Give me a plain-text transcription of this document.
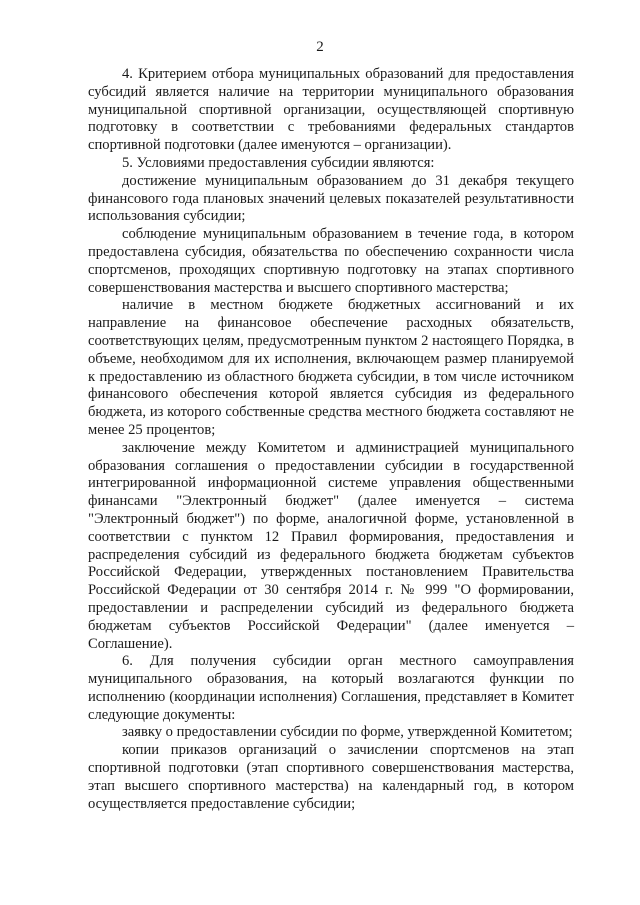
2

4. Критерием отбора муниципальных образований для предоставления субсидий является наличие на территории муниципального образования муниципальной спортивной организации, осуществляющей спортивную подготовку в соответствии с требованиями федеральных стандартов спортивной подготовки (далее именуются – организации).

5. Условиями предоставления субсидии являются:

достижение муниципальным образованием до 31 декабря текущего финансового года плановых значений целевых показателей результативности использования субсидии;

соблюдение муниципальным образованием в течение года, в котором предоставлена субсидия, обязательства по обеспечению сохранности числа спортсменов, проходящих спортивную подготовку на этапах спортивного совершенствования мастерства и высшего спортивного мастерства;

наличие в местном бюджете бюджетных ассигнований и их направление на финансовое обеспечение расходных обязательств, соответствующих целям, предусмотренным пунктом 2 настоящего Порядка, в объеме, необходимом для их исполнения, включающем размер планируемой к предоставлению из областного бюджета субсидии, в том числе источником финансового обеспечения которой является субсидия из федерального бюджета, из которого собственные средства местного бюджета составляют не менее 25 процентов;

заключение между Комитетом и администрацией муниципального образования соглашения о предоставлении субсидии в государственной интегрированной информационной системе управления общественными финансами "Электронный бюджет" (далее именуется – система "Электронный бюджет") по форме, аналогичной форме, установленной в соответствии с пунктом 12 Правил формирования, предоставления и распределения субсидий из федерального бюджета бюджетам субъектов Российской Федерации, утвержденных постановлением Правительства Российской Федерации от 30 сентября 2014 г. № 999 "О формировании, предоставлении и распределении субсидий из федерального бюджета бюджетам субъектов Российской Федерации" (далее именуется – Соглашение).

6. Для получения субсидии орган местного самоуправления муниципального образования, на который возлагаются функции по исполнению (координации исполнения) Соглашения, представляет в Комитет следующие документы:

заявку о предоставлении субсидии по форме, утвержденной Комитетом;

копии приказов организаций о зачислении спортсменов на этап спортивной подготовки (этап спортивного совершенствования мастерства, этап высшего спортивного мастерства) на календарный год, в котором осуществляется предоставление субсидии;
